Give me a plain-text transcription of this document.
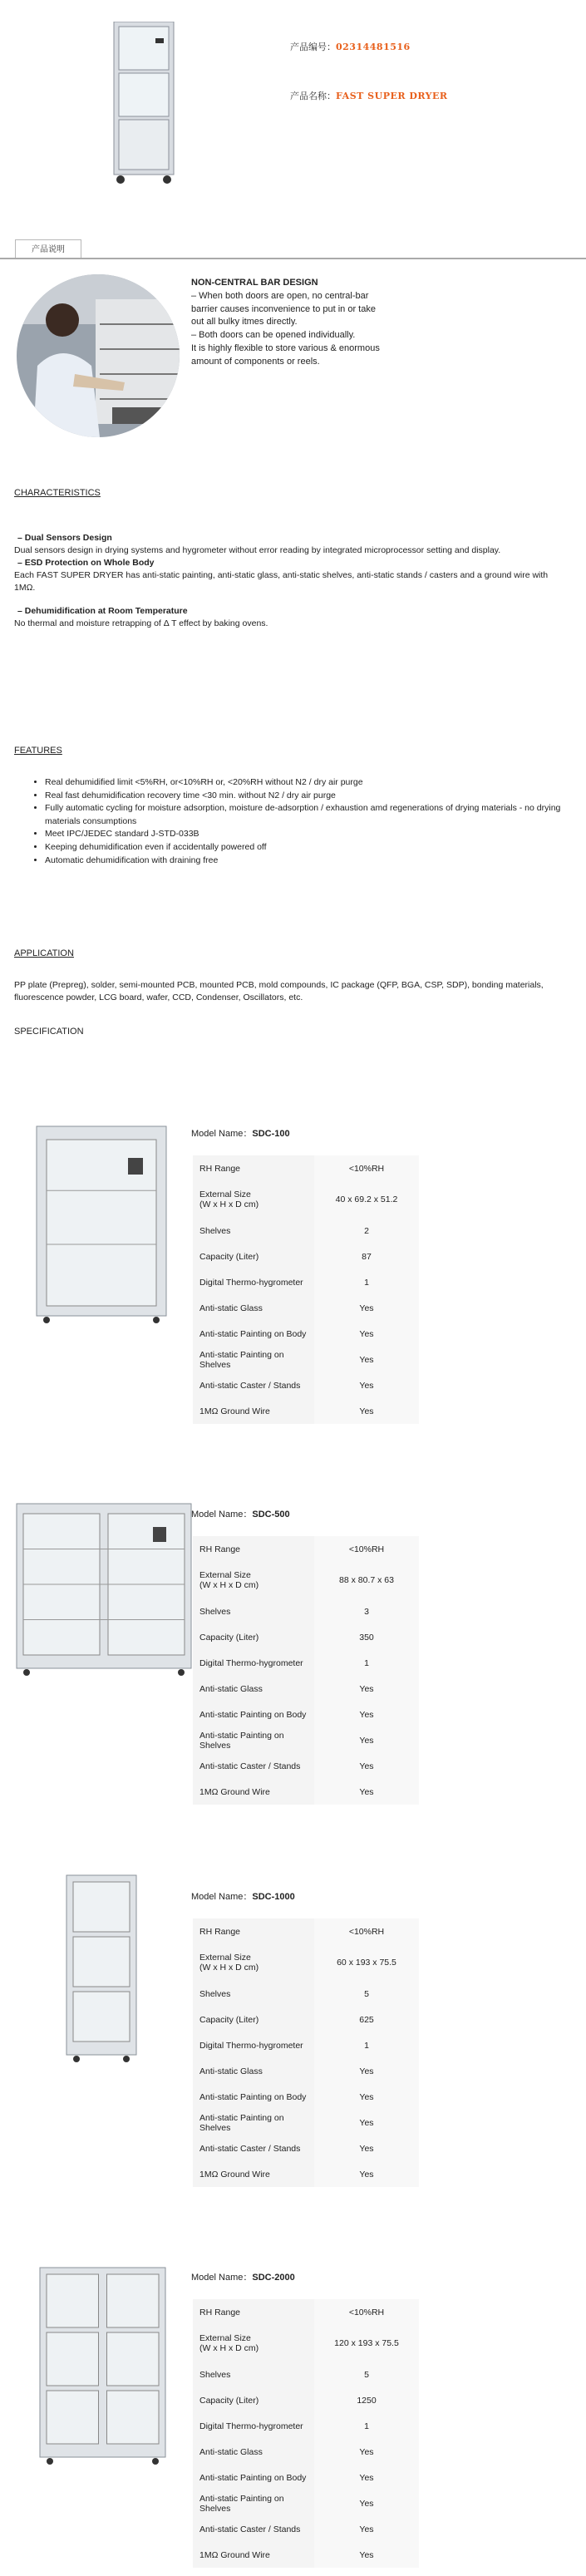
产品编号：02314481516
产品名称：FAST SUPER DRYER
产品说明
NON-CENTRAL BAR DESIGN
– When both doors are open, no central-bar
barrier causes inconvenience to put in or take
out all bulky itmes directly.
– Both doors can be opened individually.
It is highly flexible to store various & enormous
amount of components or reels.
CHARACTERISTICS
– Dual Sensors Design
Dual sensors design in drying systems and hygrometer without error reading by integrated microprocessor setting and display.
– ESD Protection on Whole Body
Each FAST SUPER DRYER has anti-static painting, anti-static glass, anti-static shelves, anti-static stands / casters and a ground wire with 1MΩ.
– Dehumidification at Room Temperature
No thermal and moisture retrapping of Δ T effect by baking ovens.
FEATURES
• Real dehumidified limit <5%RH, or<10%RH or, <20%RH without N2 / dry air purge
• Real fast dehumidification recovery time <30 min. without N2 / dry air purge
• Fully automatic cycling for moisture adsorption, moisture de-adsorption / exhaustion amd regenerations of drying materials - no drying materials consumptions
• Meet IPC/JEDEC standard J-STD-033B
• Keeping dehumidification even if accidentally powered off
• Automatic dehumidification with draining free
APPLICATION
PP plate (Prepreg), solder, semi-mounted PCB, mounted PCB, mold compounds, IC package (QFP, BGA, CSP, SDP), bonding materials, fluorescence powder, LCG board, wafer, CCD, Condenser, Oscillators, etc.
SPECIFICATION
Model Name：SDC-100
RH Range	<10%RH
External Size
(W x H x D cm)	40 x 69.2 x 51.2
Shelves	2
Capacity (Liter)	87
Digital Thermo-hygrometer	1
Anti-static Glass	Yes
Anti-static Painting on Body	Yes
Anti-static Painting on Shelves	Yes
Anti-static Caster / Stands	Yes
1MΩ Ground Wire	Yes
Model Name：SDC-500
RH Range	<10%RH
External Size
(W x H x D cm)	88 x 80.7 x 63
Shelves	3
Capacity (Liter)	350
Digital Thermo-hygrometer	1
Anti-static Glass	Yes
Anti-static Painting on Body	Yes
Anti-static Painting on Shelves	Yes
Anti-static Caster / Stands	Yes
1MΩ Ground Wire	Yes
Model Name：SDC-1000
RH Range	<10%RH
External Size
(W x H x D cm)	60 x 193 x 75.5
Shelves	5
Capacity (Liter)	625
Digital Thermo-hygrometer	1
Anti-static Glass	Yes
Anti-static Painting on Body	Yes
Anti-static Painting on Shelves	Yes
Anti-static Caster / Stands	Yes
1MΩ Ground Wire	Yes
Model Name：SDC-2000
RH Range	<10%RH
External Size
(W x H x D cm)	120 x 193 x 75.5
Shelves	5
Capacity (Liter)	1250
Digital Thermo-hygrometer	1
Anti-static Glass	Yes
Anti-static Painting on Body	Yes
Anti-static Painting on Shelves	Yes
Anti-static Caster / Stands	Yes
1MΩ Ground Wire	Yes
